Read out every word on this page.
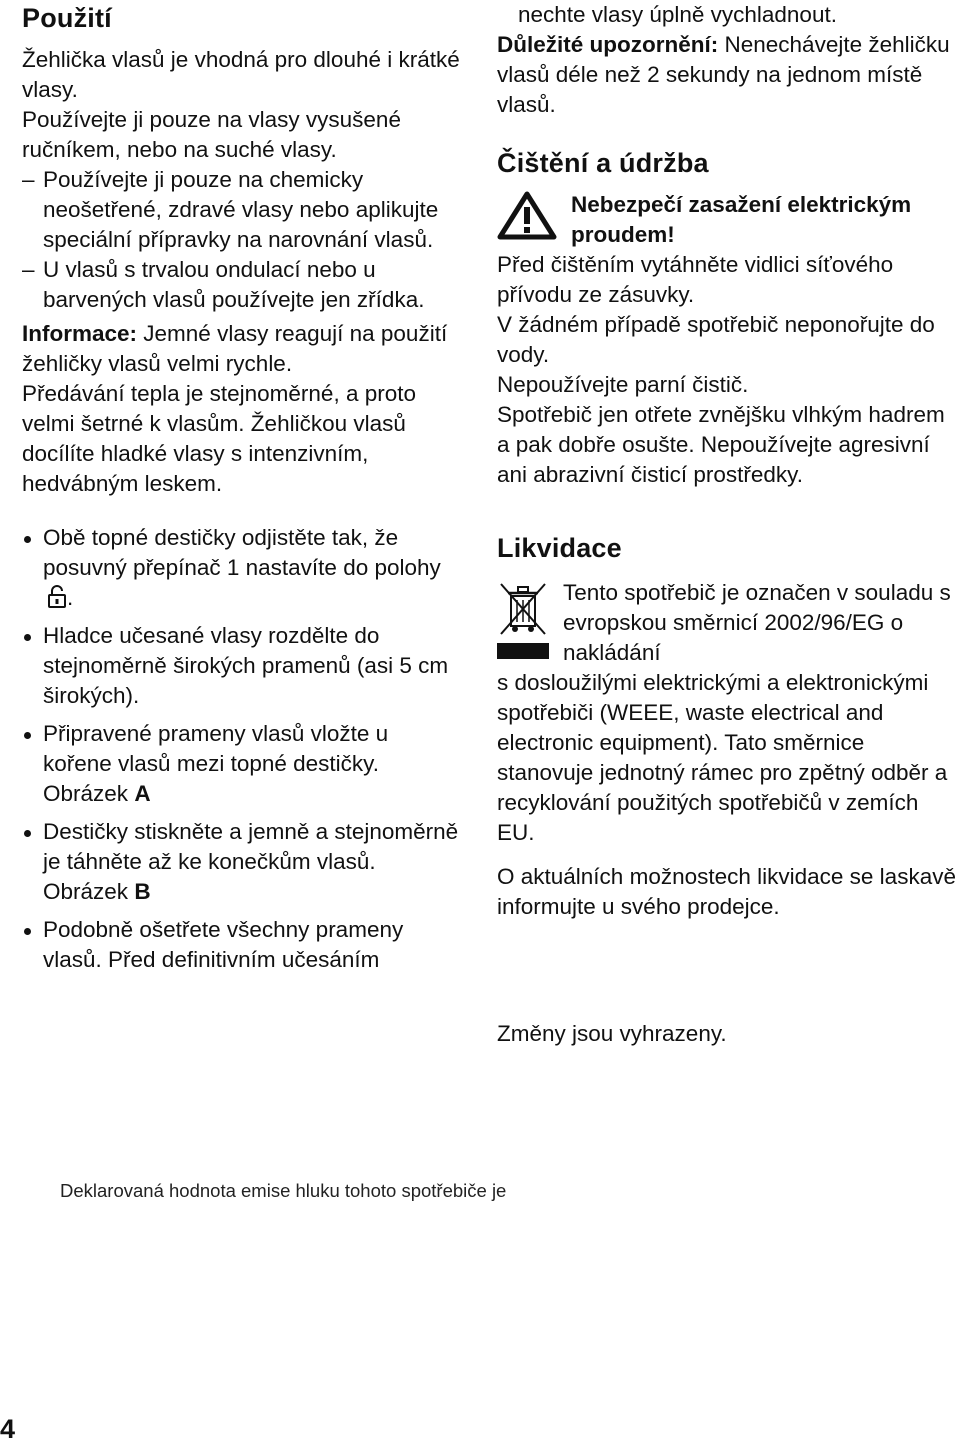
Použití

Žehlička vlasů je vhodná pro dlouhé i krátké vlasy.

Používejte ji pouze na vlasy vysušené ručníkem, nebo na suché vlasy.

– Používejte ji pouze na chemicky neošetřené, zdravé vlasy nebo aplikujte speciální přípravky na narovnání vlasů.
– U vlasů s trvalou ondulací nebo u barvených vlasů používejte jen zřídka.

Informace: Jemné vlasy reagují na použití žehličky vlasů velmi rychle.

Předávání tepla je stejnoměrné, a proto velmi šetrné k vlasům. Žehličkou vlasů docílíte hladké vlasy s intenzivním, hedvábným leskem.

Obě topné destičky odjistěte tak, že posuvný přepínač 1 nastavíte do polohy .
Hladce učesané vlasy rozdělte do stejnoměrně širokých pramenů (asi 5 cm širokých).
Připravené prameny vlasů vložte u kořene vlasů mezi topné destičky.
Obrázek A
Destičky stiskněte a jemně a stejnoměrně je táhněte až ke konečkům vlasů.
Obrázek B
Podobně ošetřete všechny prameny vlasů. Před definitivním učesáním

nechte vlasy úplně vychladnout.

Důležité upozornění: Nenechávejte žehličku vlasů déle než 2 sekundy na jednom místě vlasů.

Čištění a údržba
Nebezpečí zasažení elektrickým proudem!

Před čištěním vytáhněte vidlici síťového přívodu ze zásuvky.

V žádném případě spotřebič neponořujte do vody.

Nepoužívejte parní čistič.

Spotřebič jen otřete zvnějšku vlhkým hadrem a pak dobře osušte. Nepoužívejte agresivní ani abrazivní čisticí prostředky.

Likvidace
Tento spotřebič je označen v souladu s evropskou směrnicí 2002/96/EG o nakládání

s dosloužilými elektrickými a elektronickými spotřebiči (WEEE, waste electrical and electronic equipment). Tato směrnice stanovuje jednotný rámec pro zpětný odběr a recyklování použitých spotřebičů v zemích EU.

O aktuálních možnostech likvidace se laskavě informujte u svého prodejce.

Změny jsou vyhrazeny.

Deklarovaná hodnota emise hluku tohoto spotřebiče je
4
